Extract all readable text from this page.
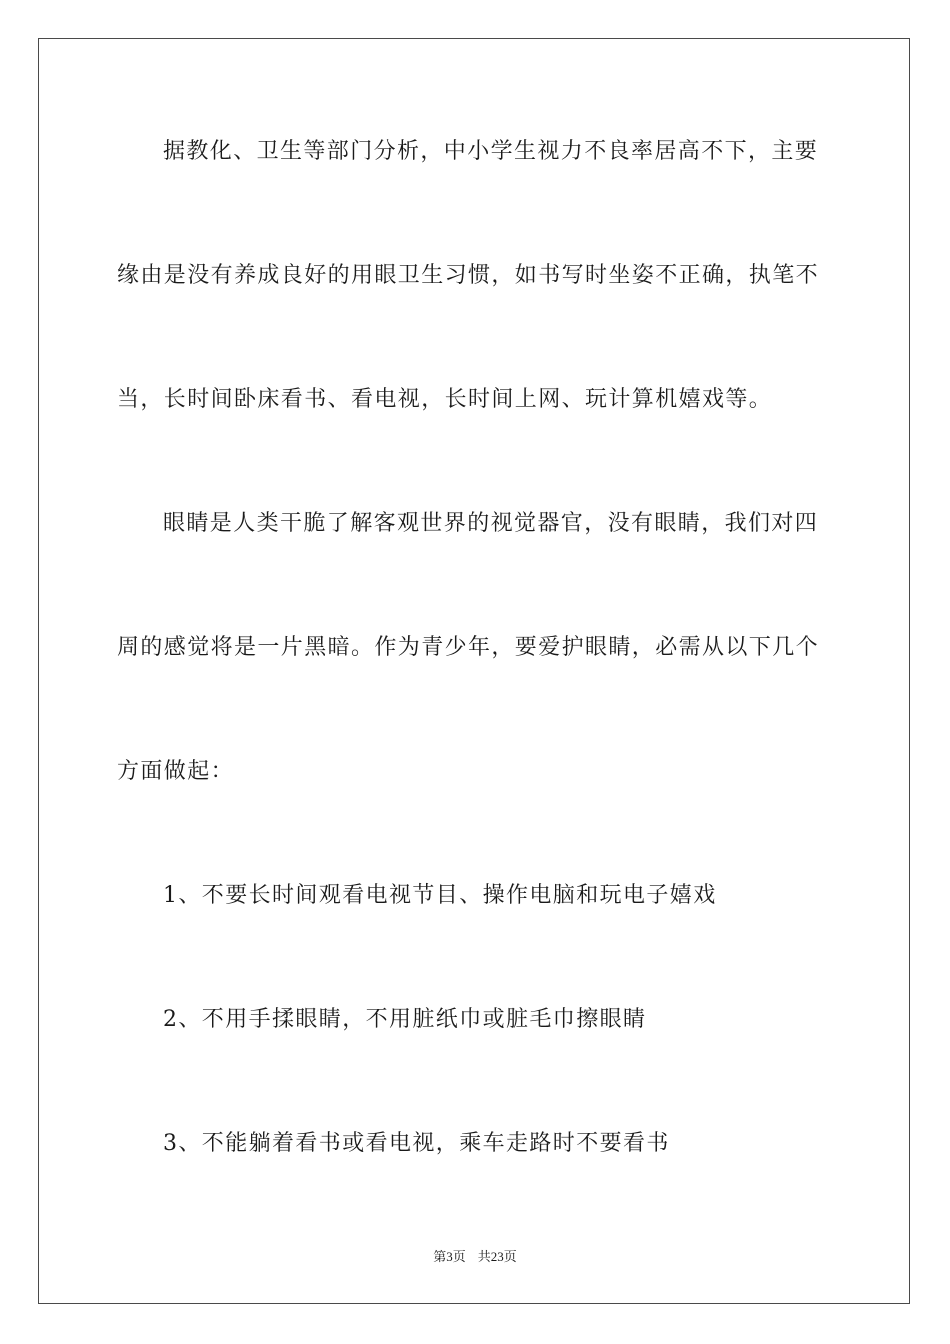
据教化、卫生等部门分析，中小学生视力不良率居高不下，主要
缘由是没有养成良好的用眼卫生习惯，如书写时坐姿不正确，执笔不
当，长时间卧床看书、看电视，长时间上网、玩计算机嬉戏等。
眼睛是人类干脆了解客观世界的视觉器官，没有眼睛，我们对四
周的感觉将是一片黑暗。作为青少年，要爱护眼睛，必需从以下几个
方面做起：
1、不要长时间观看电视节目、操作电脑和玩电子嬉戏
2、不用手揉眼睛，不用脏纸巾或脏毛巾擦眼睛
3、不能躺着看书或看电视，乘车走路时不要看书
第3页 共23页
